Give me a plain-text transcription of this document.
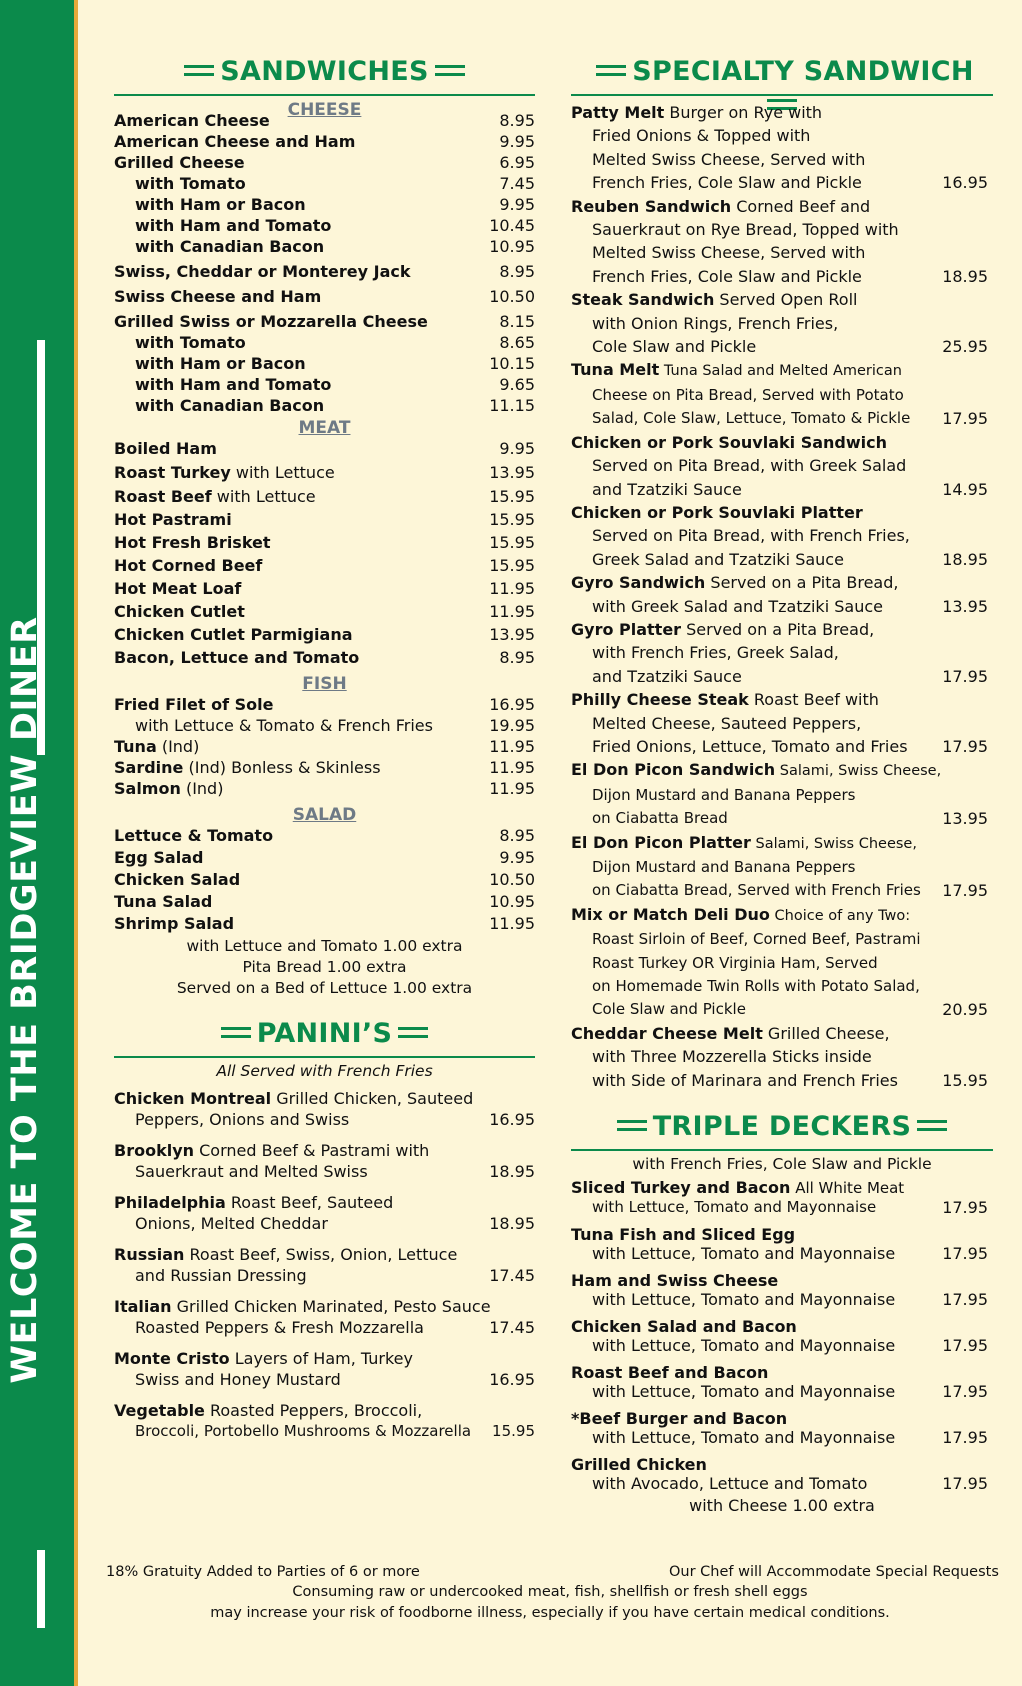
WELCOME TO THE BRIDGEVIEW DINER
SANDWICHES
CHEESE
American Cheese	8.95
American Cheese and Ham	9.95
Grilled Cheese	6.95
with Tomato	7.45
with Ham or Bacon	9.95
with Ham and Tomato	10.45
with Canadian Bacon	10.95
Swiss, Cheddar or Monterey Jack	8.95
Swiss Cheese and Ham	10.50
Grilled Swiss or Mozzarella Cheese	8.15
with Tomato	8.65
with Ham or Bacon	10.15
with Ham and Tomato	9.65
with Canadian Bacon	11.15
MEAT
Boiled Ham	9.95
Roast Turkey with Lettuce	13.95
Roast Beef with Lettuce	15.95
Hot Pastrami	15.95
Hot Fresh Brisket	15.95
Hot Corned Beef	15.95
Hot Meat Loaf	11.95
Chicken Cutlet	11.95
Chicken Cutlet Parmigiana	13.95
Bacon, Lettuce and Tomato	8.95
FISH
Fried Filet of Sole	16.95
with Lettuce & Tomato & French Fries	19.95
Tuna (Ind)	11.95
Sardine (Ind) Bonless & Skinless	11.95
Salmon (Ind)	11.95
SALAD
Lettuce & Tomato	8.95
Egg Salad	9.95
Chicken Salad	10.50
Tuna Salad	10.95
Shrimp Salad	11.95
with Lettuce and Tomato 1.00 extra
Pita Bread 1.00 extra
Served on a Bed of Lettuce 1.00 extra
PANINI’S
All Served with French Fries
Chicken Montreal Grilled Chicken, Sauteed
Peppers, Onions and Swiss	16.95
Brooklyn Corned Beef & Pastrami with
Sauerkraut and Melted Swiss	18.95
Philadelphia Roast Beef, Sauteed
Onions, Melted Cheddar	18.95
Russian Roast Beef, Swiss, Onion, Lettuce
and Russian Dressing	17.45
Italian Grilled Chicken Marinated, Pesto Sauce
Roasted Peppers & Fresh Mozzarella	17.45
Monte Cristo Layers of Ham, Turkey
Swiss and Honey Mustard	16.95
Vegetable Roasted Peppers, Broccoli,
Broccoli, Portobello Mushrooms & Mozzarella 15.95
SPECIALTY SANDWICH
Patty Melt Burger on Rye with
Fried Onions & Topped with
Melted Swiss Cheese, Served with
French Fries, Cole Slaw and Pickle	16.95
Reuben Sandwich Corned Beef and
Sauerkraut on Rye Bread, Topped with
Melted Swiss Cheese, Served with
French Fries, Cole Slaw and Pickle	18.95
Steak Sandwich Served Open Roll
with Onion Rings, French Fries,
Cole Slaw and Pickle	25.95
Tuna Melt Tuna Salad and Melted American
Cheese on Pita Bread, Served with Potato
Salad, Cole Slaw, Lettuce, Tomato & Pickle 17.95
Chicken or Pork Souvlaki Sandwich
Served on Pita Bread, with Greek Salad
and Tzatziki Sauce	14.95
Chicken or Pork Souvlaki Platter
Served on Pita Bread, with French Fries,
Greek Salad and Tzatziki Sauce	18.95
Gyro Sandwich Served on a Pita Bread,
with Greek Salad and Tzatziki Sauce	13.95
Gyro Platter Served on a Pita Bread,
with French Fries, Greek Salad,
and Tzatziki Sauce	17.95
Philly Cheese Steak Roast Beef with
Melted Cheese, Sauteed Peppers,
Fried Onions, Lettuce, Tomato and Fries 17.95
El Don Picon Sandwich Salami, Swiss Cheese,
Dijon Mustard and Banana Peppers
on Ciabatta Bread	13.95
El Don Picon Platter Salami, Swiss Cheese,
Dijon Mustard and Banana Peppers
on Ciabatta Bread, Served with French Fries 17.95
Mix or Match Deli Duo Choice of any Two:
Roast Sirloin of Beef, Corned Beef, Pastrami
Roast Turkey OR Virginia Ham, Served
on Homemade Twin Rolls with Potato Salad,
Cole Slaw and Pickle	20.95
Cheddar Cheese Melt Grilled Cheese,
with Three Mozzerella Sticks inside
with Side of Marinara and French Fries	15.95
TRIPLE DECKERS
with French Fries, Cole Slaw and Pickle
Sliced Turkey and Bacon All White Meat
with Lettuce, Tomato and Mayonnaise	17.95
Tuna Fish and Sliced Egg
with Lettuce, Tomato and Mayonnaise	17.95
Ham and Swiss Cheese
with Lettuce, Tomato and Mayonnaise	17.95
Chicken Salad and Bacon
with Lettuce, Tomato and Mayonnaise	17.95
Roast Beef and Bacon
with Lettuce, Tomato and Mayonnaise	17.95
*Beef Burger and Bacon
with Lettuce, Tomato and Mayonnaise	17.95
Grilled Chicken
with Avocado, Lettuce and Tomato	17.95
with Cheese 1.00 extra
18% Gratuity Added to Parties of 6 or more	Our Chef will Accommodate Special Requests
Consuming raw or undercooked meat, fish, shellfish or fresh shell eggs
may increase your risk of foodborne illness, especially if you have certain medical conditions.
